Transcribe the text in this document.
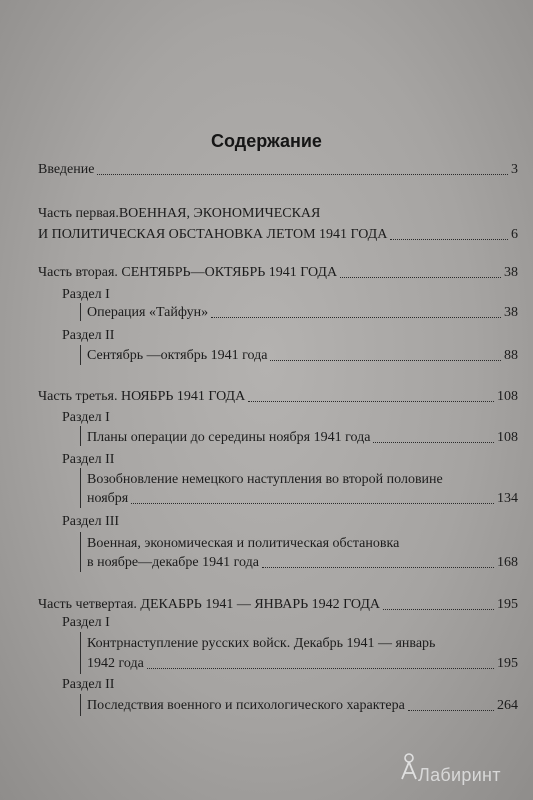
Содержание
Введение	3
Часть первая.ВОЕННАЯ, ЭКОНОМИЧЕСКАЯ
И ПОЛИТИЧЕСКАЯ ОБСТАНОВКА ЛЕТОМ 1941 ГОДА	6
Часть вторая. СЕНТЯБРЬ—ОКТЯБРЬ 1941 ГОДА	38
Раздел I
Операция «Тайфун»	38
Раздел II
Сентябрь —октябрь 1941 года	88
Часть третья. НОЯБРЬ 1941 ГОДА	108
Раздел I
Планы операции до середины ноября 1941 года	108
Раздел II
Возобновление немецкого наступления во второй половине
ноября	134
Раздел III
Военная, экономическая и политическая обстановка
в ноябре—декабре 1941 года	168
Часть четвертая. ДЕКАБРЬ 1941 — ЯНВАРЬ 1942 ГОДА	195
Раздел I
Контрнаступление русских войск. Декабрь 1941 — январь
1942 года	195
Раздел II
Последствия военного и психологического характера	264
Лабиринт
